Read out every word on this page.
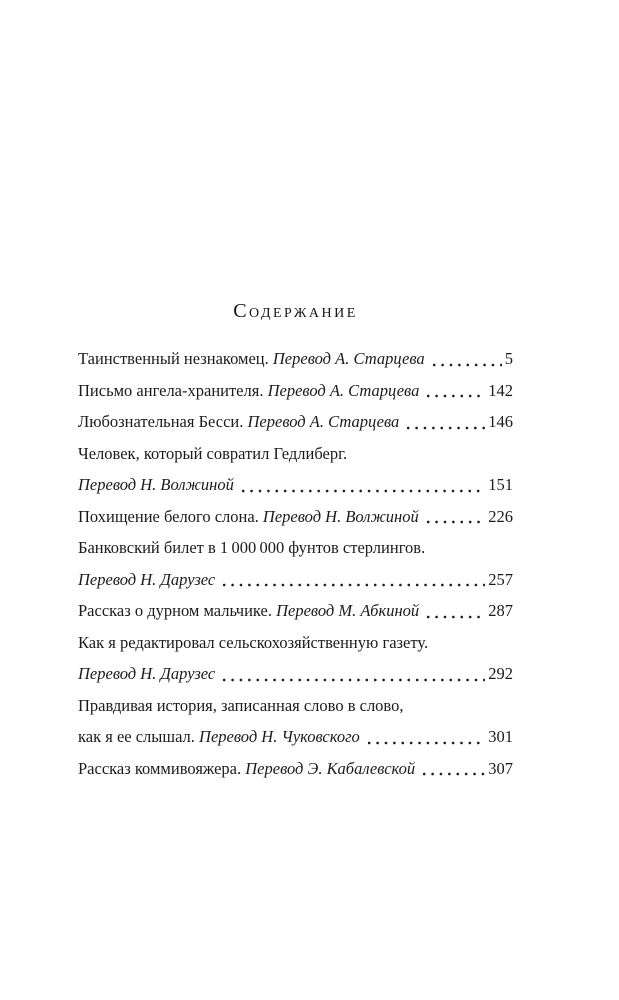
Содержание
Таинственный незнакомец. Перевод А. Старцева	5
Письмо ангела-хранителя. Перевод А. Старцева	142
Любознательная Бесси. Перевод А. Старцева	146
Человек, который совратил Гедлиберг.
Перевод Н. Волжиной	151
Похищение белого слона. Перевод Н. Волжиной	226
Банковский билет в 1 000 000 фунтов стерлингов.
Перевод Н. Дарузес	257
Рассказ о дурном мальчике. Перевод М. Абкиной	287
Как я редактировал сельскохозяйственную газету.
Перевод Н. Дарузес	292
Правдивая история, записанная слово в слово,
как я ее слышал. Перевод Н. Чуковского	301
Рассказ коммивояжера. Перевод Э. Кабалевской	307
